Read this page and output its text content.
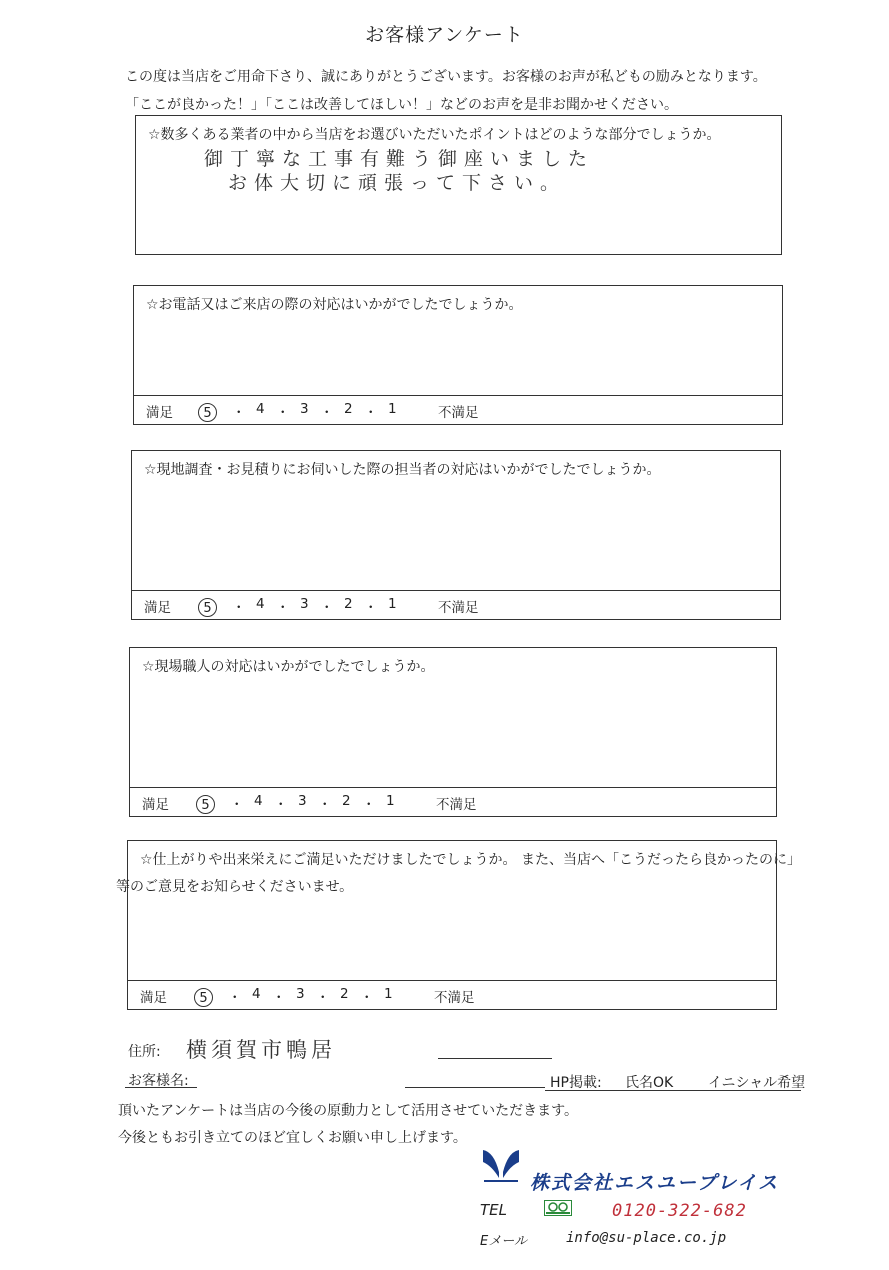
お客様アンケート
この度は当店をご用命下さり、誠にありがとうございます。お客様のお声が私どもの励みとなります。
「ここが良かった！」「ここは改善してほしい！」などのお声を是非お聞かせください。
☆数多くある業者の中から当店をお選びいただいたポイントはどのような部分でしょうか。
御丁寧な工事有難う御座いました
お体大切に頑張って下さい。
☆お電話又はご来店の際の対応はいかがでしたでしょうか。
満足	5	・ 4 ・ 3 ・ 2 ・ 1	不満足
☆現地調査・お見積りにお伺いした際の担当者の対応はいかがでしたでしょうか。
満足	5	・ 4 ・ 3 ・ 2 ・ 1	不満足
☆現場職人の対応はいかがでしたでしょうか。
満足	5	・ 4 ・ 3 ・ 2 ・ 1	不満足
☆仕上がりや出来栄えにご満足いただけましたでしょうか。 また、当店へ「こうだったら良かったのに」
等のご意見をお知らせくださいませ。
満足	5	・ 4 ・ 3 ・ 2 ・ 1	不満足
住所: 横須賀市鴨居
お客様名:	HP掲載: 氏名OK イニシャル希望
頂いたアンケートは当店の今後の原動力として活用させていただきます。
今後ともお引き立てのほど宜しくお願い申し上げます。
株式会社エスユープレイス
TEL	0120-322-682
Eメール	info@su-place.co.jp
